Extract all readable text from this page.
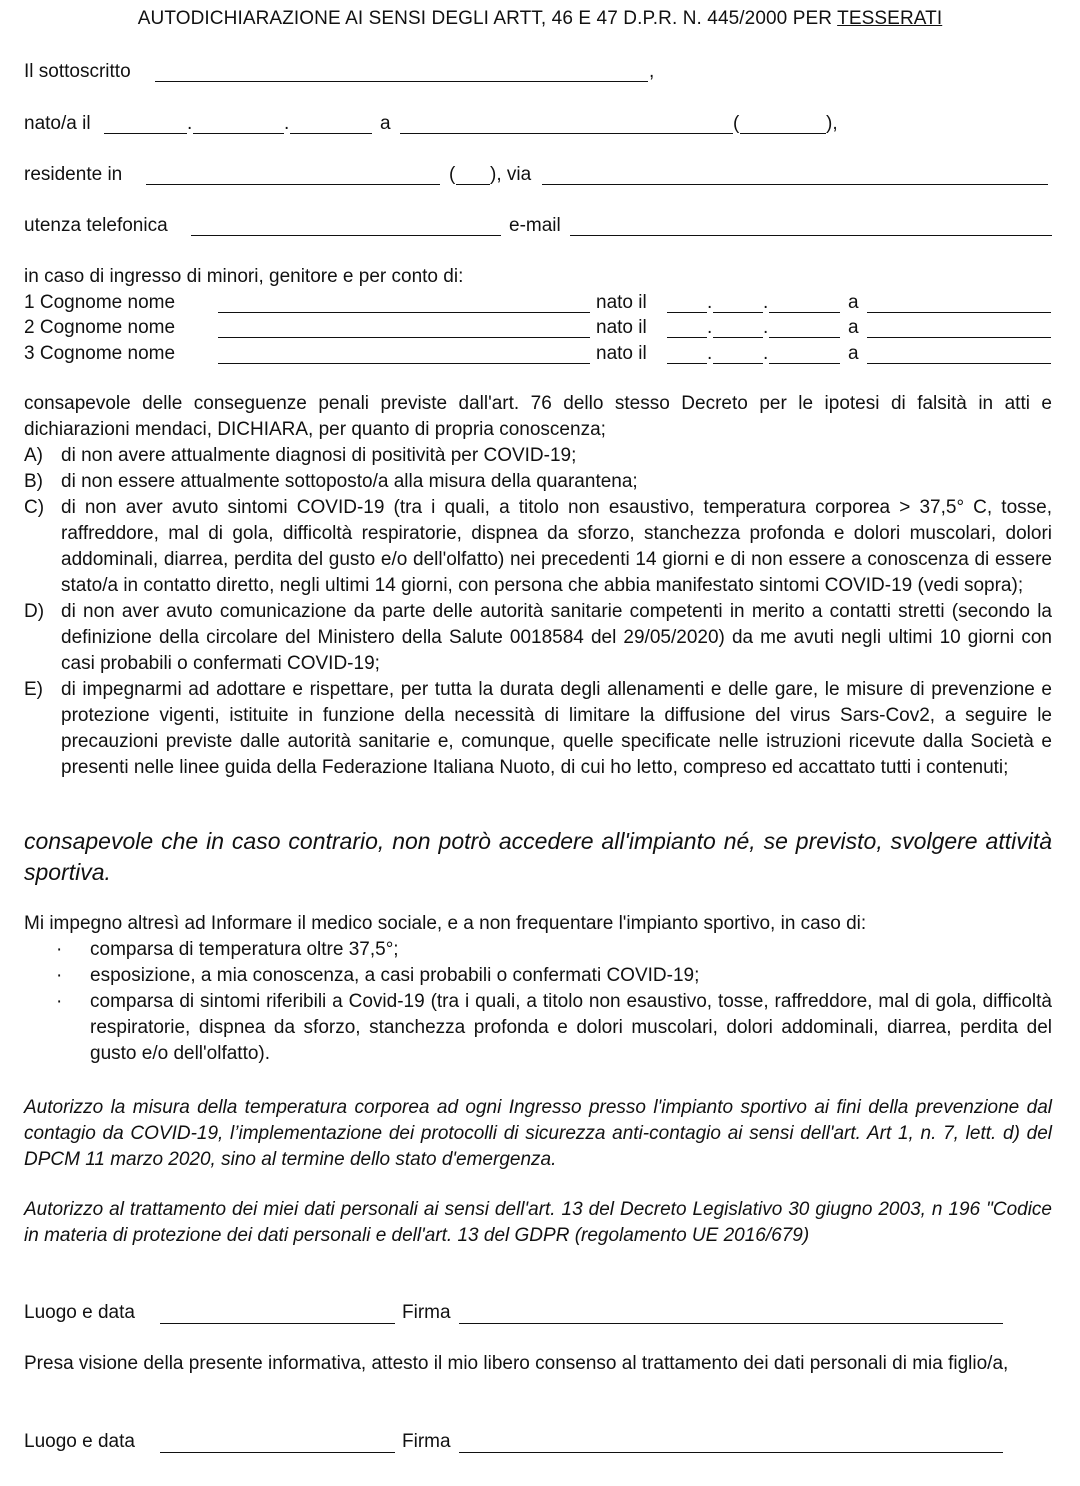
AUTODICHIARAZIONE AI SENSI DEGLI ARTT, 46 E 47 D.P.R. N. 445/2000 PER TESSERATI
Il sottoscritto	,
nato/a il	.	.	a	(	),
residente in	( ), via
utenza telefonica	e-mail
in caso di ingresso di minori, genitore e per conto di:
1 Cognome nome	nato il	.	.	a
2 Cognome nome	nato il	.	.	a
3 Cognome nome	nato il	.	.	a
consapevole delle conseguenze penali previste dall'art. 76 dello stesso Decreto per le ipotesi di falsità in atti e dichiarazioni mendaci, DICHIARA, per quanto di propria conoscenza;
A) di non avere attualmente diagnosi di positività per COVID-19;
B) di non essere attualmente sottoposto/a alla misura della quarantena;
C) di non aver avuto sintomi COVID-19 (tra i quali, a titolo non esaustivo, temperatura corporea > 37,5° C, tosse, raffreddore, mal di gola, difficoltà respiratorie, dispnea da sforzo, stanchezza profonda e dolori muscolari, dolori addominali, diarrea, perdita del gusto e/o dell'olfatto) nei precedenti 14 giorni e di non essere a conoscenza di essere stato/a in contatto diretto, negli ultimi 14 giorni, con persona che abbia manifestato sintomi COVID-19 (vedi sopra);
D) di non aver avuto comunicazione da parte delle autorità sanitarie competenti in merito a contatti stretti (secondo la definizione della circolare del Ministero della Salute 0018584 del 29/05/2020) da me avuti negli ultimi 10 giorni con casi probabili o confermati COVID-19;
E) di impegnarmi ad adottare e rispettare, per tutta la durata degli allenamenti e delle gare, le misure di prevenzione e protezione vigenti, istituite in funzione della necessità di limitare la diffusione del virus Sars-Cov2, a seguire le precauzioni previste dalle autorità sanitarie e, comunque, quelle specificate nelle istruzioni ricevute dalla Società e presenti nelle linee guida della Federazione Italiana Nuoto, di cui ho letto, compreso ed accattato tutti i contenuti;
consapevole che in caso contrario, non potrò accedere all'impianto né, se previsto, svolgere attività sportiva.
Mi impegno altresì ad Informare il medico sociale, e a non frequentare l'impianto sportivo, in caso di:
· comparsa di temperatura oltre 37,5°;
· esposizione, a mia conoscenza, a casi probabili o confermati COVID-19;
· comparsa di sintomi riferibili a Covid-19 (tra i quali, a titolo non esaustivo, tosse, raffreddore, mal di gola, difficoltà respiratorie, dispnea da sforzo, stanchezza profonda e dolori muscolari, dolori addominali, diarrea, perdita del gusto e/o dell'olfatto).
Autorizzo la misura della temperatura corporea ad ogni Ingresso presso l'impianto sportivo ai fini della prevenzione dal contagio da COVID-19, l’implementazione dei protocolli di sicurezza anti-contagio ai sensi dell'art. Art 1, n. 7, lett. d) del DPCM 11 marzo 2020, sino al termine dello stato d'emergenza.
Autorizzo al trattamento dei miei dati personali ai sensi dell'art. 13 del Decreto Legislativo 30 giugno 2003, n 196 "Codice in materia di protezione dei dati personali e dell'art. 13 del GDPR (regolamento UE 2016/679)
Luogo e data	Firma
Presa visione della presente informativa, attesto il mio libero consenso al trattamento dei dati personali di mia figlio/a,
Luogo e data	Firma
